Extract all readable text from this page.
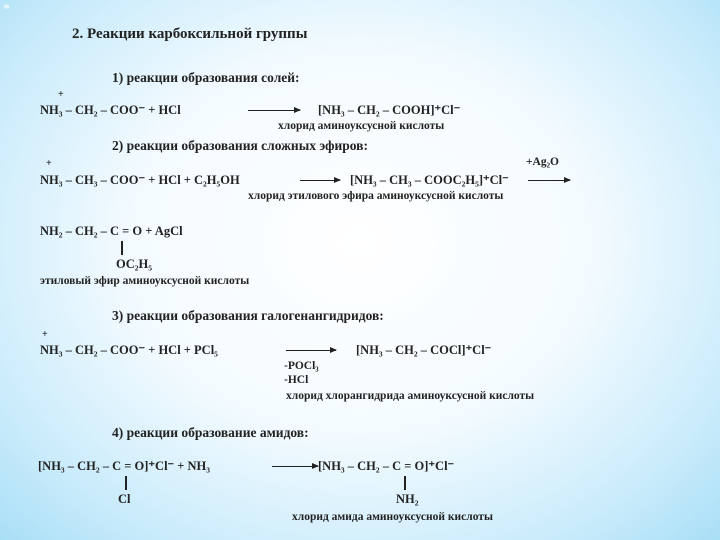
*
2. Реакции карбоксильной группы
1) реакции образования солей:
+
NH₃ – CH₂ – COO⁻ + HCl	[NH₃ – CH₂ – COOH]⁺Cl⁻
хлорид аминоуксусной кислоты
2) реакции образования сложных эфиров:
+	+Ag₂O
NH₃ – CH₃ – COO⁻ + HCl + C₂H₅OH	[NH₃ – CH₃ – COOC₂H₅]⁺Cl⁻
хлорид этилового эфира аминоуксусной кислоты
NH₂ – CH₂ – C = O + AgCl
OC₂H₅
этиловый эфир аминоуксусной кислоты
3) реакции образования галогенангидридов:
+
NH₃ – CH₂ – COO⁻ + HCl + PCl₅	[NH₃ – CH₂ – COCl]⁺Cl⁻
-POCl₃
-HCl
хлорид хлорангидрида аминоуксусной кислоты
4) реакции образование амидов:
[NH₃ – CH₂ – C = O]⁺Cl⁻ + NH₃	[NH₃ – CH₂ – C = O]⁺Cl⁻
Cl	NH₂
хлорид амида аминоуксусной кислоты
